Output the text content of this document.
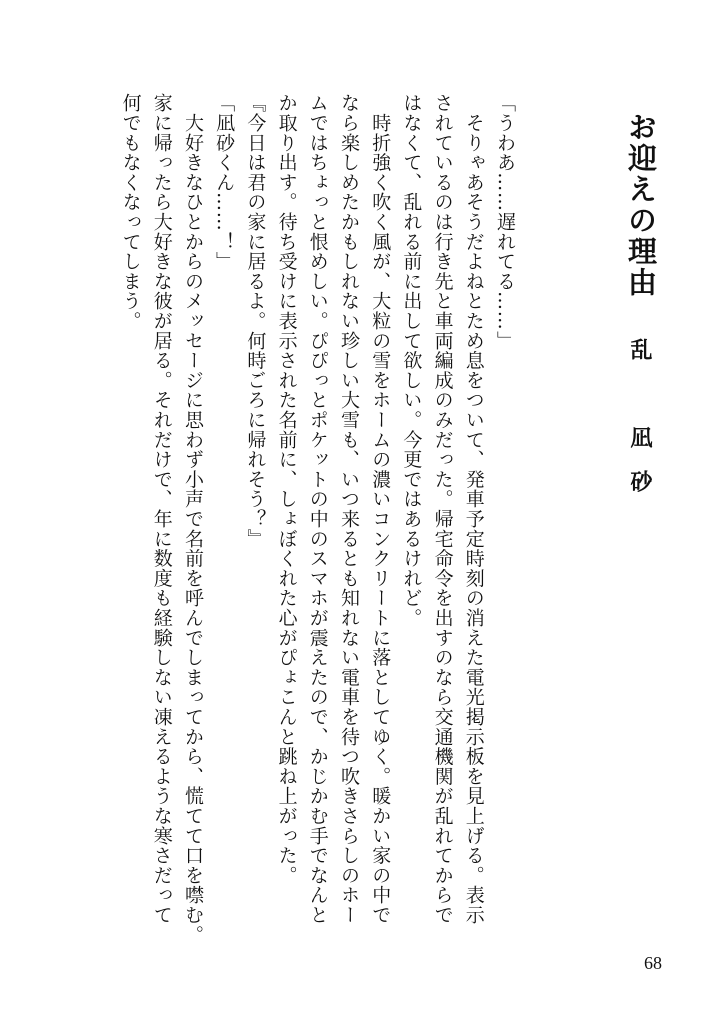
お迎えの理由
乱　凪砂

「うわあ……遅れてる……」

　そりゃあそうだよねとため息をついて、発車予定時刻の消えた電光掲示板を見上げる。表示

されているのは行き先と車両編成のみだった。帰宅命令を出すのなら交通機関が乱れてからで

はなくて、乱れる前に出して欲しい。今更ではあるけれど。

　時折強く吹く風が、大粒の雪をホームの濃いコンクリートに落としてゆく。暖かい家の中で

なら楽しめたかもしれない珍しい大雪も、いつ来るとも知れない電車を待つ吹きさらしのホー

ムではちょっと恨めしい。ぴぴっとポケットの中のスマホが震えたので、かじかむ手でなんと

か取り出す。待ち受けに表示された名前に、しょぼくれた心がぴょこんと跳ね上がった。

『今日は君の家に居るよ。何時ごろに帰れそう？』

「凪砂くん……！」

　大好きなひとからのメッセージに思わず小声で名前を呼んでしまってから、慌てて口を噤む。

家に帰ったら大好きな彼が居る。それだけで、年に数度も経験しない凍えるような寒さだって

何でもなくなってしまう。

68
